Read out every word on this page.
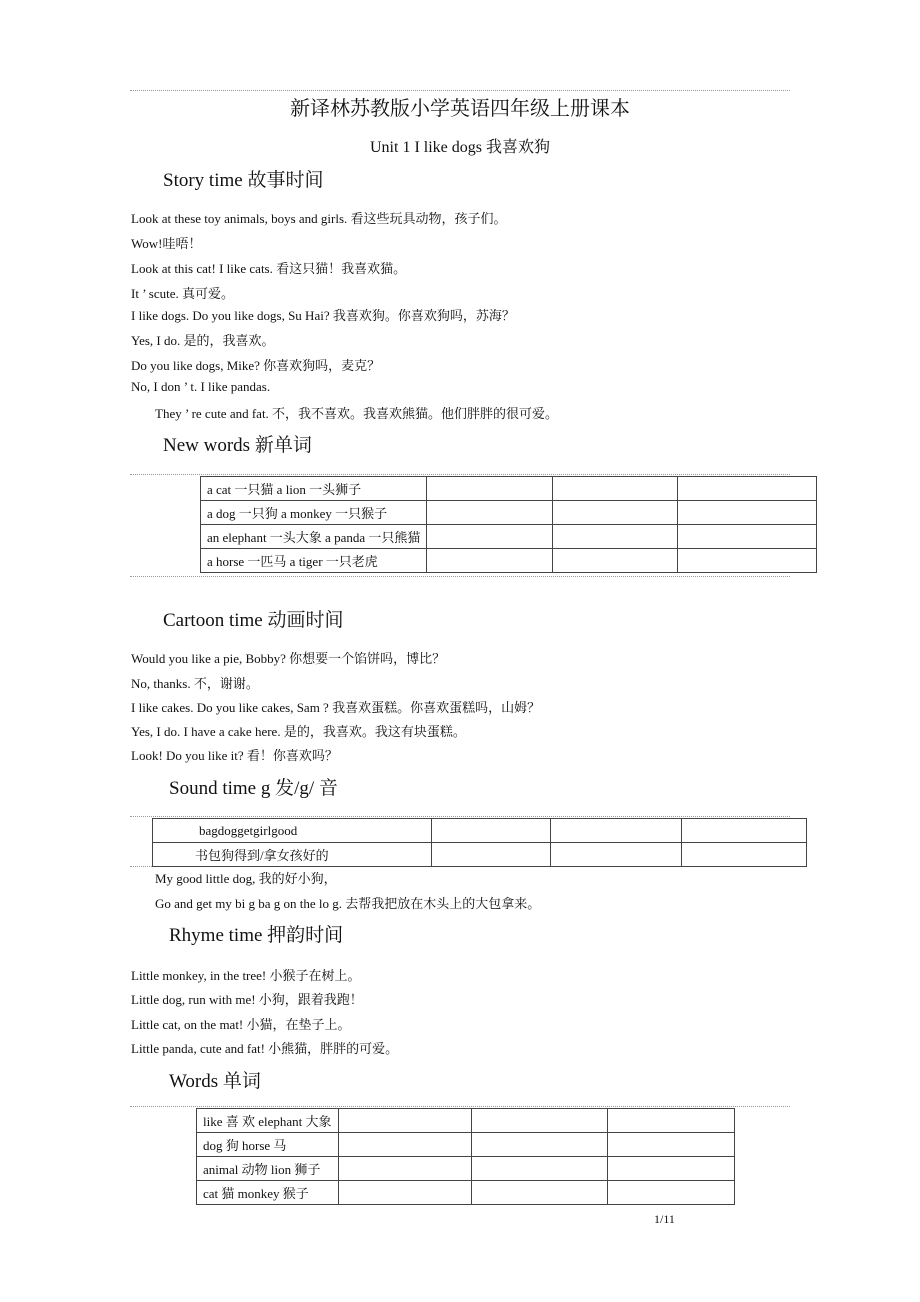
新译林苏教版小学英语四年级上册课本
Unit 1 I like dogs 我喜欢狗
Story time 故事时间
Look at these toy animals, boys and girls. 看这些玩具动物，孩子们。
Wow!哇唔！
Look at this cat! I like cats. 看这只猫！我喜欢猫。
It ’ scute. 真可爱。
I like dogs. Do you like dogs, Su Hai? 我喜欢狗。你喜欢狗吗，苏海？
Yes, I do. 是的，我喜欢。
Do you like dogs, Mike? 你喜欢狗吗，麦克？
No, I don ’ t. I like pandas.
They ’ re cute and fat. 不，我不喜欢。我喜欢熊猫。他们胖胖的很可爱。
New words 新单词
a cat 一只猫 a lion 一头狮子			
a dog 一只狗 a monkey 一只猴子			
an elephant 一头大象 a panda 一只熊猫			
a horse 一匹马 a tiger 一只老虎			
Cartoon time 动画时间
Would you like a pie, Bobby? 你想要一个馅饼吗，博比？
No, thanks. 不，谢谢。
I like cakes. Do you like cakes, Sam ? 我喜欢蛋糕。你喜欢蛋糕吗，山姆？
Yes, I do. I have a cake here. 是的，我喜欢。我这有块蛋糕。
Look! Do you like it? 看！你喜欢吗？
Sound time g 发/g/ 音
bagdoggetgirlgood			
书包狗得到/拿女孩好的			
My good little dog, 我的好小狗，
Go and get my bi g ba g on the lo g. 去帮我把放在木头上的大包拿来。
Rhyme time 押韵时间
Little monkey, in the tree! 小猴子在树上。
Little dog, run with me! 小狗，跟着我跑！
Little cat, on the mat! 小猫，在垫子上。
Little panda, cute and fat! 小熊猫，胖胖的可爱。
Words 单词
like 喜 欢 elephant 大象			
dog 狗 horse 马			
animal 动物 lion 狮子			
cat 猫 monkey 猴子			
1/11
